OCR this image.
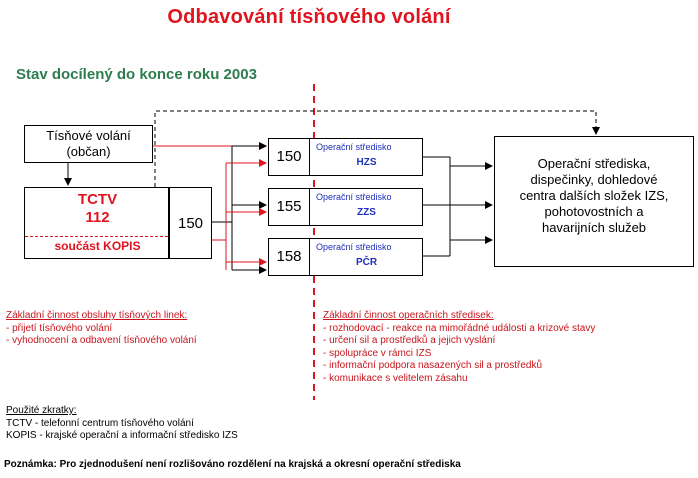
Odbavování tísňového volání
Stav docílený do konce roku 2003
Tísňové volání
(občan)
TCTV
112
součást KOPIS
150
150
Operační středisko
HZS
155
Operační středisko
ZZS
158
Operační středisko
PČR
Operační střediska,
dispečinky, dohledové
centra dalších složek IZS,
pohotovostních a
havarijních služeb
Základní činnost obsluhy tísňových linek:
- přijetí tísňového volání
- vyhodnocení a odbavení tísňového volání
Základní činnost operačních středisek:
- rozhodovací - reakce na mimořádné události a krizové stavy
- určení sil a prostředků a jejich vyslání
- spolupráce v rámci IZS
- informační podpora nasazených sil a prostředků
- komunikace s velitelem zásahu
Použité zkratky:
TCTV - telefonní centrum tísňového volání
KOPIS - krajské operační a informační středisko IZS
Poznámka: Pro zjednodušení není rozlišováno rozdělení na krajská a okresní operační střediska
